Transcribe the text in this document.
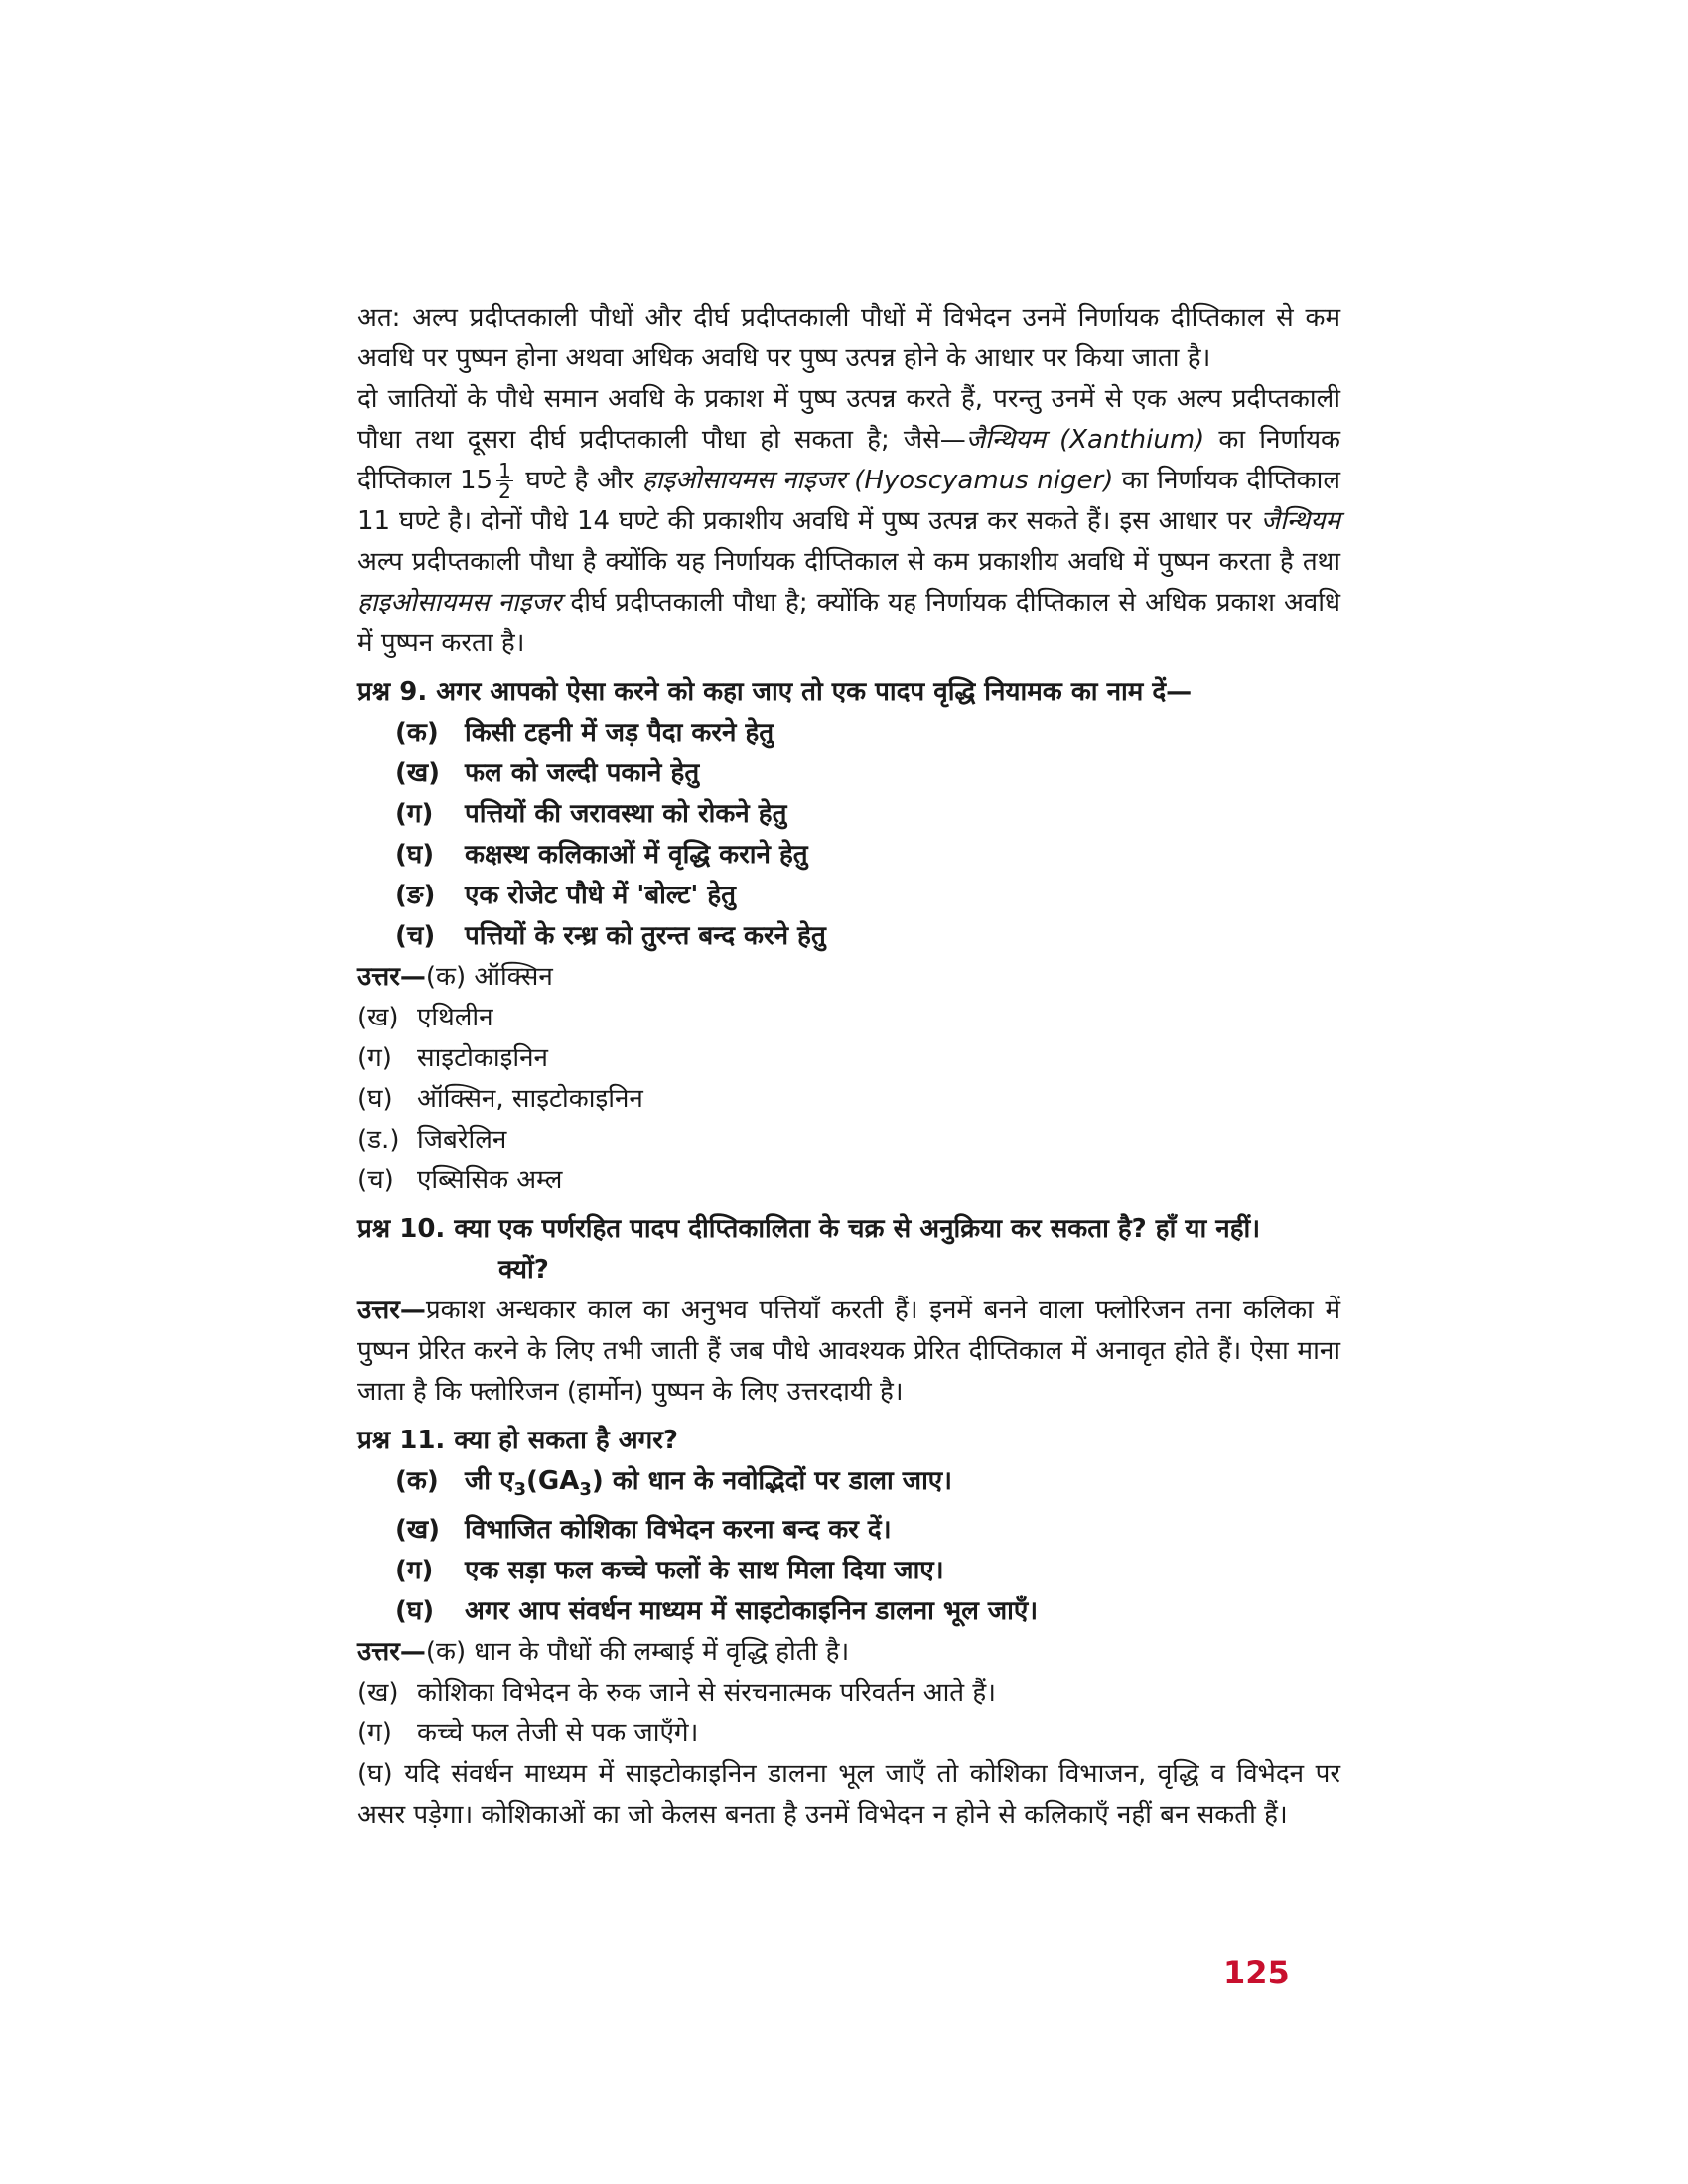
अत: अल्प प्रदीप्तकाली पौधों और दीर्घ प्रदीप्तकाली पौधों में विभेदन उनमें निर्णायक दीप्तिकाल से कम अवधि पर पुष्पन होना अथवा अधिक अवधि पर पुष्प उत्पन्न होने के आधार पर किया जाता है।

दो जातियों के पौधे समान अवधि के प्रकाश में पुष्प उत्पन्न करते हैं, परन्तु उनमें से एक अल्प प्रदीप्तकाली पौधा तथा दूसरा दीर्घ प्रदीप्तकाली पौधा हो सकता है; जैसे—जैन्थियम (Xanthium) का निर्णायक दीप्तिकाल $15 \frac{1}{2}$ घण्टे है और हाइओसायमस नाइजर (Hyoscyamus niger) का निर्णायक दीप्तिकाल 11 घण्टे है। दोनों पौधे 14 घण्टे की प्रकाशीय अवधि में पुष्प उत्पन्न कर सकते हैं। इस आधार पर जैन्थियम अल्प प्रदीप्तकाली पौधा है क्योंकि यह निर्णायक दीप्तिकाल से कम प्रकाशीय अवधि में पुष्पन करता है तथा हाइओसायमस नाइजर दीर्घ प्रदीप्तकाली पौधा है; क्योंकि यह निर्णायक दीप्तिकाल से अधिक प्रकाश अवधि में पुष्पन करता है।

प्रश्न 9. अगर आपको ऐसा करने को कहा जाए तो एक पादप वृद्धि नियामक का नाम दें—

(क) किसी टहनी में जड़ पैदा करने हेतु

(ख) फल को जल्दी पकाने हेतु

(ग) पत्तियों की जरावस्था को रोकने हेतु

(घ) कक्षस्थ कलिकाओं में वृद्धि कराने हेतु

(ङ) एक रोजेट पौधे में 'बोल्ट' हेतु

(च) पत्तियों के रन्ध्र को तुरन्त बन्द करने हेतु

उत्तर—(क) ऑक्सिन

(ख) एथिलीन

(ग) साइटोकाइनिन

(घ) ऑक्सिन, साइटोकाइनिन

(ड.) जिबरेलिन

(च) एब्सिसिक अम्ल

प्रश्न 10. क्या एक पर्णरहित पादप दीप्तिकालिता के चक्र से अनुक्रिया कर सकता है? हाँ या नहीं।

क्यों?

उत्तर—प्रकाश अन्धकार काल का अनुभव पत्तियाँ करती हैं। इनमें बनने वाला फ्लोरिजन तना कलिका में पुष्पन प्रेरित करने के लिए तभी जाती हैं जब पौधे आवश्यक प्रेरित दीप्तिकाल में अनावृत होते हैं। ऐसा माना जाता है कि फ्लोरिजन (हार्मोन) पुष्पन के लिए उत्तरदायी है।

प्रश्न 11. क्या हो सकता है अगर?

(क) जी $ए_3(GA_3)$ को धान के नवोद्भिदों पर डाला जाए।

(ख) विभाजित कोशिका विभेदन करना बन्द कर दें।

(ग) एक सड़ा फल कच्चे फलों के साथ मिला दिया जाए।

(घ) अगर आप संवर्धन माध्यम में साइटोकाइनिन डालना भूल जाएँ।

उत्तर—(क) धान के पौधों की लम्बाई में वृद्धि होती है।

(ख) कोशिका विभेदन के रुक जाने से संरचनात्मक परिवर्तन आते हैं।

(ग) कच्चे फल तेजी से पक जाएँगे।

(घ) यदि संवर्धन माध्यम में साइटोकाइनिन डालना भूल जाएँ तो कोशिका विभाजन, वृद्धि व विभेदन पर असर पड़ेगा। कोशिकाओं का जो केलस बनता है उनमें विभेदन न होने से कलिकाएँ नहीं बन सकती हैं।

125
